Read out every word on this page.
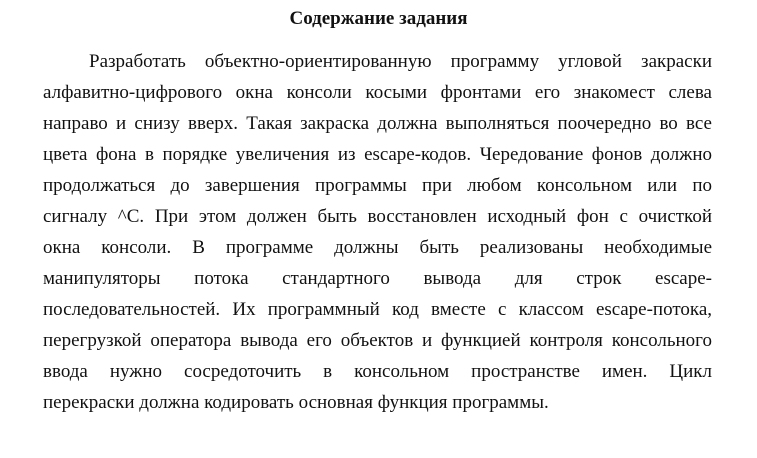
Содержание задания
Разработать объектно-ориентированную программу угловой закраски
алфавитно-цифрового окна консоли косыми фронтами его знакомест слева
направо и снизу вверх. Такая закраска должна выполняться поочередно во все
цвета фона в порядке увеличения из escape-кодов. Чередование фонов должно
продолжаться до завершения программы при любом консольном или по
сигналу ^C. При этом должен быть восстановлен исходный фон с очисткой
окна консоли. В программе должны быть реализованы необходимые
манипуляторы потока стандартного вывода для строк escape-
последовательностей. Их программный код вместе с классом escape-потока,
перегрузкой оператора вывода его объектов и функцией контроля консольного
ввода нужно сосредоточить в консольном пространстве имен. Цикл
перекраски должна кодировать основная функция программы.
